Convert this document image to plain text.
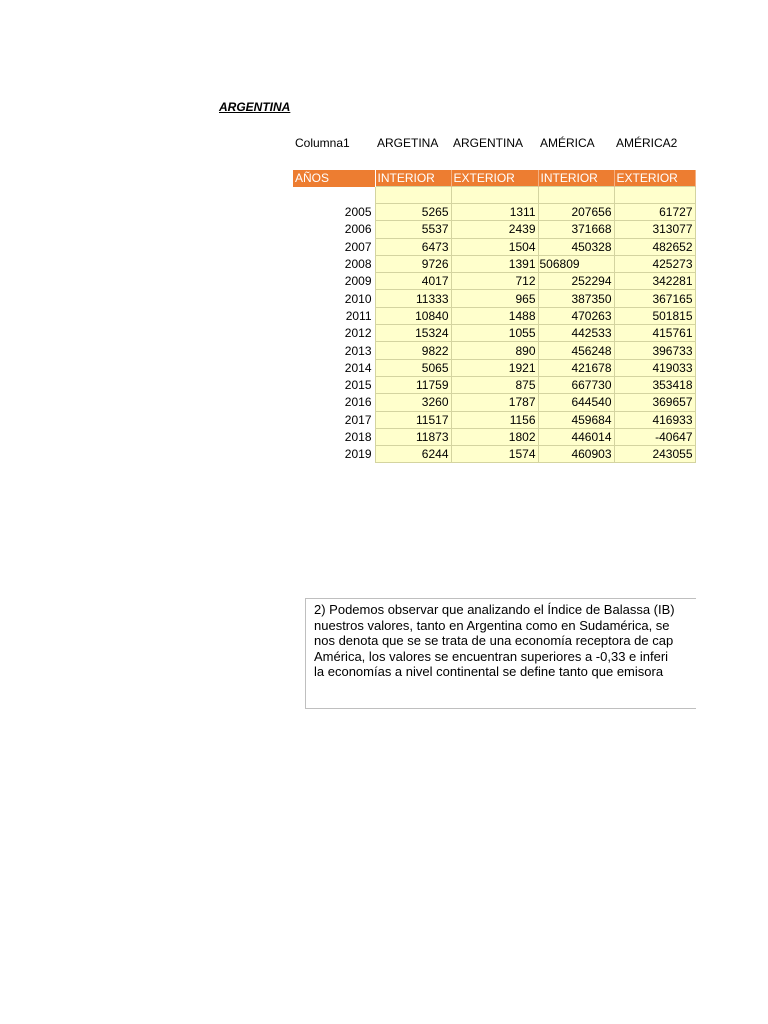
ARGENTINA
Columna1 ARGETINA ARGENTINA AMÉRICA AMÉRICA2
AÑOS	INTERIOR	EXTERIOR	INTERIOR	EXTERIOR

2005	5265	1311	207656	61727
2006	5537	2439	371668	313077
2007	6473	1504	450328	482652
2008	9726	1391	506809	425273
2009	4017	712	252294	342281
2010	11333	965	387350	367165
2011	10840	1488	470263	501815
2012	15324	1055	442533	415761
2013	9822	890	456248	396733
2014	5065	1921	421678	419033
2015	11759	875	667730	353418
2016	3260	1787	644540	369657
2017	11517	1156	459684	416933
2018	11873	1802	446014	-40647
2019	6244	1574	460903	243055
2) Podemos observar que analizando el Índice de Balassa (IB)
nuestros valores, tanto en Argentina como en Sudamérica, se
nos denota que se se trata de una economía receptora de cap
América, los valores se encuentran superiores a -0,33 e inferi
la economías a nivel continental se define tanto que emisora
